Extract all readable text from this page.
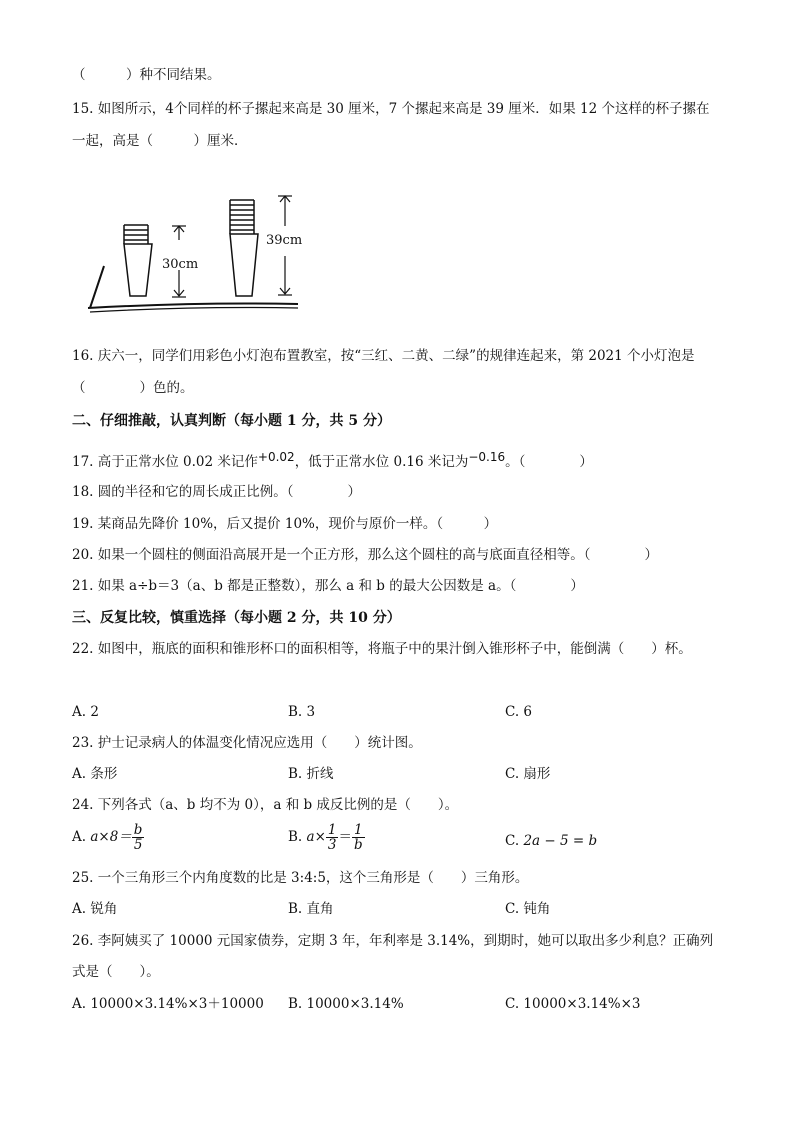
（　　　）种不同结果。
15. 如图所示，4个同样的杯子摞起来高是 30 厘米，7 个摞起来高是 39 厘米．如果 12 个这样的杯子摞在
一起，高是（　　　）厘米．
30cm
39cm
16. 庆六一，同学们用彩色小灯泡布置教室，按“三红、二黄、二绿”的规律连起来，第 2021 个小灯泡是
（　　　　）色的。
二、仔细推敲，认真判断（每小题 1 分，共 5 分）
17. 高于正常水位 0.02 米记作+0.02，低于正常水位 0.16 米记为−0.16。（　　　　）
18. 圆的半径和它的周长成正比例。（　　　　）
19. 某商品先降价 10%，后又提价 10%，现价与原价一样。（　　　）
20. 如果一个圆柱的侧面沿高展开是一个正方形，那么这个圆柱的高与底面直径相等。（　　　　）
21. 如果 a÷b＝3（a、b 都是正整数），那么 a 和 b 的最大公因数是 a。（　　　　）
三、反复比较，慎重选择（每小题 2 分，共 10 分）
22. 如图中，瓶底的面积和锥形杯口的面积相等，将瓶子中的果汁倒入锥形杯子中，能倒满（　　）杯。
A. 2	B. 3	C. 6
23. 护士记录病人的体温变化情况应选用（　　）统计图。
A. 条形	B. 折线	C. 扇形
24. 下列各式（a、b 均不为 0），a 和 b 成反比例的是（　　）。
A. $a\times 8= \frac{b}{5}$	B. $a\times \frac{1}{3} = \frac{1}{b}$	C. 2a − 5 = b
25. 一个三角形三个内角度数的比是 3:4:5，这个三角形是（　　）三角形。
A. 锐角	B. 直角	C. 钝角
26. 李阿姨买了 10000 元国家债券，定期 3 年，年利率是 3.14%，到期时，她可以取出多少利息？正确列
式是（　　）。
A. 10000×3.14%×3＋10000 B. 10000×3.14%	C. 10000×3.14%×3
